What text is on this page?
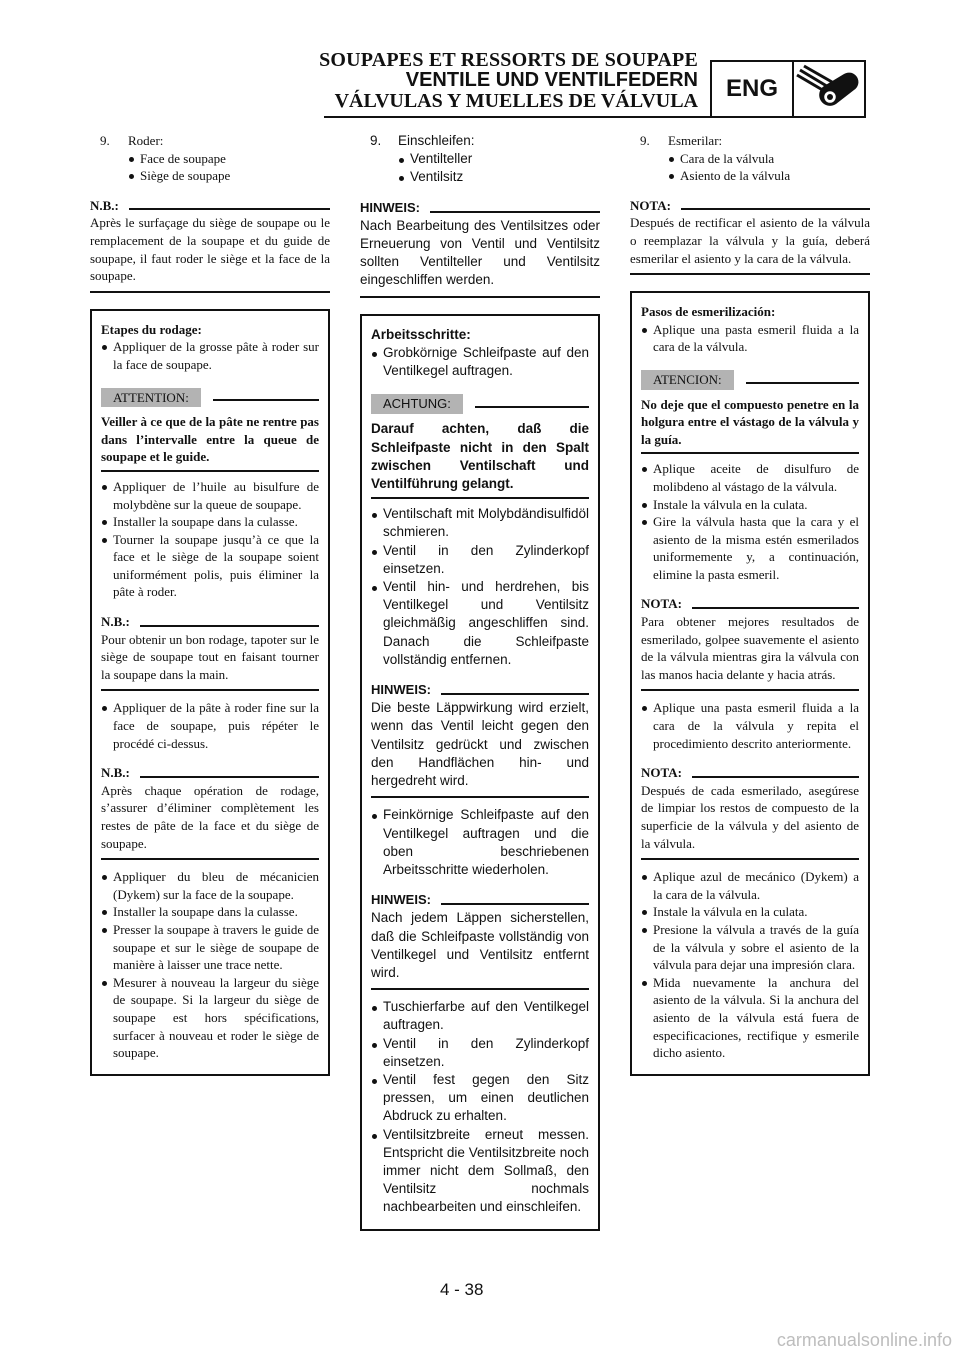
SOUPAPES ET RESSORTS DE SOUPAPE
VENTILE UND VENTILFEDERN
VÁLVULAS Y MUELLES DE VÁLVULA	ENG
9. Roder:
Face de soupape
Siège de soupape
N.B.:
Après le surfaçage du siège de soupape ou le remplacement de la soupape et du guide de soupape, il faut roder le siège et la face de la soupape.
Etapes du rodage:
Appliquer de la grosse pâte à roder sur la face de soupape.
ATTENTION:
Veiller à ce que de la pâte ne rentre pas dans l’intervalle entre la queue de soupape et le guide.
Appliquer de l’huile au bisulfure de molybdène sur la queue de soupape.
Installer la soupape dans la culasse.
Tourner la soupape jusqu’à ce que la face et le siège de la soupape soient uniformément polis, puis éliminer la pâte à roder.
N.B.:
Pour obtenir un bon rodage, tapoter sur le siège de soupape tout en faisant tourner la soupape dans la main.
Appliquer de la pâte à roder fine sur la face de soupape, puis répéter le procédé ci-dessus.
N.B.:
Après chaque opération de rodage, s’assurer d’éliminer complètement les restes de pâte de la face et du siège de soupape.
Appliquer du bleu de mécanicien (Dykem) sur la face de la soupape.
Installer la soupape dans la culasse.
Presser la soupape à travers le guide de soupape et sur le siège de soupape de manière à laisser une trace nette.
Mesurer à nouveau la largeur du siège de soupape. Si la largeur du siège de soupape est hors spécifications, surfacer à nouveau et roder le siège de soupape.
9. Einschleifen:
Ventilteller
Ventilsitz
HINWEIS:
Nach Bearbeitung des Ventilsitzes oder Erneuerung von Ventil und Ventilsitz sollten Ventilteller und Ventilsitz eingeschliffen werden.
Arbeitsschritte:
Grobkörnige Schleifpaste auf den Ventilkegel auftragen.
ACHTUNG:
Darauf achten, daß die Schleifpaste nicht in den Spalt zwischen Ventilschaft und Ventilführung gelangt.
Ventilschaft mit Molybdändisulfidöl schmieren.
Ventil in den Zylinderkopf einsetzen.
Ventil hin- und herdrehen, bis Ventilkegel und Ventilsitz gleichmäßig angeschliffen sind. Danach die Schleifpaste vollständig entfernen.
HINWEIS:
Die beste Läppwirkung wird erzielt, wenn das Ventil leicht gegen den Ventilsitz gedrückt und zwischen den Handflächen hin- und hergedreht wird.
Feinkörnige Schleifpaste auf den Ventilkegel auftragen und die oben beschriebenen Arbeitsschritte wiederholen.
HINWEIS:
Nach jedem Läppen sicherstellen, daß die Schleifpaste vollständig von Ventilkegel und Ventilsitz entfernt wird.
Tuschierfarbe auf den Ventilkegel auftragen.
Ventil in den Zylinderkopf einsetzen.
Ventil fest gegen den Sitz pressen, um einen deutlichen Abdruck zu erhalten.
Ventilsitzbreite erneut messen. Entspricht die Ventilsitzbreite noch immer nicht dem Sollmaß, den Ventilsitz nochmals nachbearbeiten und einschleifen.
9. Esmerilar:
Cara de la válvula
Asiento de la válvula
NOTA:
Después de rectificar el asiento de la válvula o reemplazar la válvula y la guía, deberá esmerilar el asiento y la cara de la válvula.
Pasos de esmerilización:
Aplique una pasta esmeril fluida a la cara de la válvula.
ATENCION:
No deje que el compuesto penetre en la holgura entre el vástago de la válvula y la guía.
Aplique aceite de disulfuro de molibdeno al vástago de la válvula.
Instale la válvula en la culata.
Gire la válvula hasta que la cara y el asiento de la misma estén esmerilados uniformemente y, a continuación, elimine la pasta esmeril.
NOTA:
Para obtener mejores resultados de esmerilado, golpee suavemente el asiento de la válvula mientras gira la válvula con las manos hacia delante y hacia atrás.
Aplique una pasta esmeril fluida a la cara de la válvula y repita el procedimiento descrito anteriormente.
NOTA:
Después de cada esmerilado, asegúrese de limpiar los restos de compuesto de la superficie de la válvula y del asiento de la válvula.
Aplique azul de mecánico (Dykem) a la cara de la válvula.
Instale la válvula en la culata.
Presione la válvula a través de la guía de la válvula y sobre el asiento de la válvula para dejar una impresión clara.
Mida nuevamente la anchura del asiento de la válvula. Si la anchura del asiento de la válvula está fuera de especificaciones, rectifique y esmerile dicho asiento.
4 - 38
carmanualsonline.info
